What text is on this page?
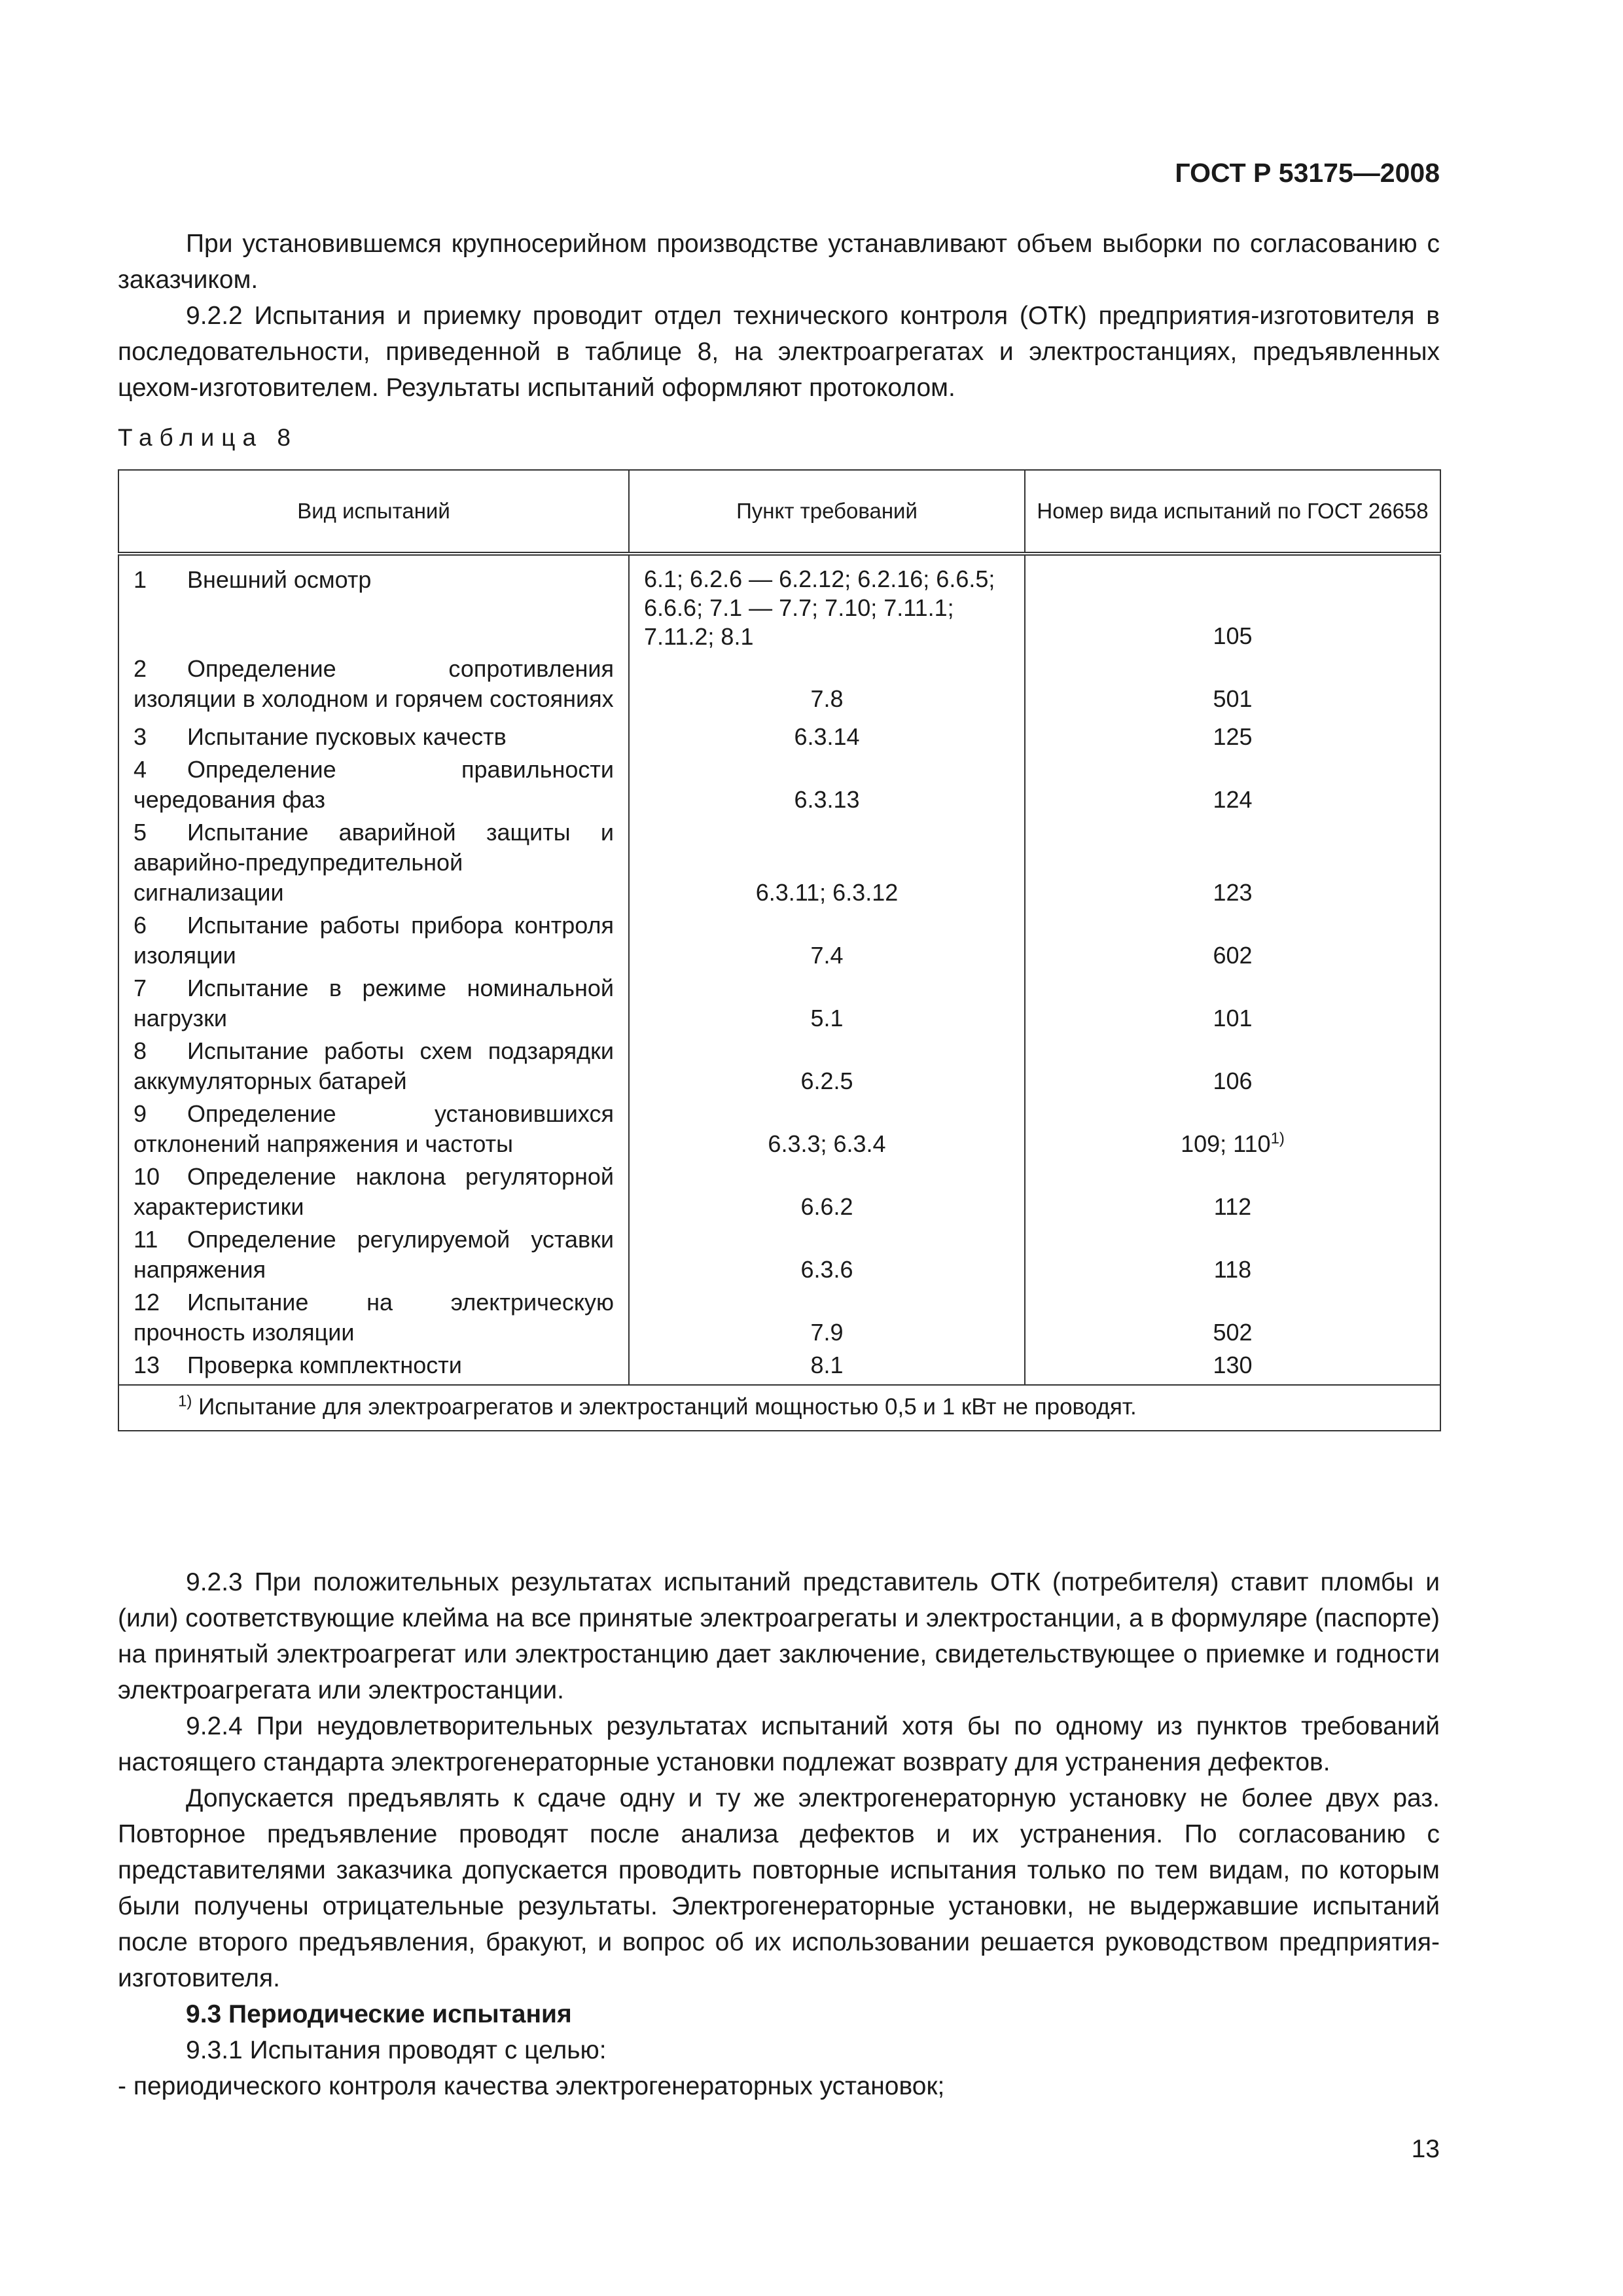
ГОСТ Р 53175—2008

При установившемся крупносерийном производстве устанавливают объем выборки по согласованию с заказчиком.

9.2.2 Испытания и приемку проводит отдел технического контроля (ОТК) предприятия-изготовителя в последовательности, приведенной в таблице 8, на электроагрегатах и электростанциях, предъявленных цехом-изготовителем. Результаты испытаний оформляют протоколом.

Таблица 8
Вид испытаний	Пункт требований	Номер вида испытаний по ГОСТ 26658
1 Внешний осмотр	6.1; 6.2.6 — 6.2.12; 6.2.16; 6.6.5; 6.6.6; 7.1 — 7.7; 7.10; 7.11.1; 7.11.2; 8.1	105
2 Определение сопротивления изоляции в холодном и горячем состояниях	7.8	501
3 Испытание пусковых качеств	6.3.14	125
4 Определение правильности чередования фаз	6.3.13	124
5 Испытание аварийной защиты и аварийно-предупредительной сигнализации	6.3.11; 6.3.12	123
6 Испытание работы прибора контроля изоляции	7.4	602
7 Испытание в режиме номинальной нагрузки	5.1	101
8 Испытание работы схем подзарядки аккумуляторных батарей	6.2.5	106
9 Определение установившихся отклонений напряжения и частоты	6.3.3; 6.3.4	109; 110$^{1)}$
10 Определение наклона регуляторной характеристики	6.6.2	112
11 Определение регулируемой уставки напряжения	6.3.6	118
12 Испытание на электрическую прочность изоляции	7.9	502
13 Проверка комплектности	8.1	130
$^{1)}$ Испытание для электроагрегатов и электростанций мощностью 0,5 и 1 кВт не проводят.		

9.2.3 При положительных результатах испытаний представитель ОТК (потребителя) ставит пломбы и (или) соответствующие клейма на все принятые электроагрегаты и электростанции, а в формуляре (паспорте) на принятый электроагрегат или электростанцию дает заключение, свидетельствующее о приемке и годности электроагрегата или электростанции.

9.2.4 При неудовлетворительных результатах испытаний хотя бы по одному из пунктов требований настоящего стандарта электрогенераторные установки подлежат возврату для устранения дефектов.

Допускается предъявлять к сдаче одну и ту же электрогенераторную установку не более двух раз. Повторное предъявление проводят после анализа дефектов и их устранения. По согласованию с представителями заказчика допускается проводить повторные испытания только по тем видам, по которым были получены отрицательные результаты. Электрогенераторные установки, не выдержавшие испытаний после второго предъявления, бракуют, и вопрос об их использовании решается руководством предприятия-изготовителя.

9.3 Периодические испытания

9.3.1 Испытания проводят с целью:

- периодического контроля качества электрогенераторных установок;

13
